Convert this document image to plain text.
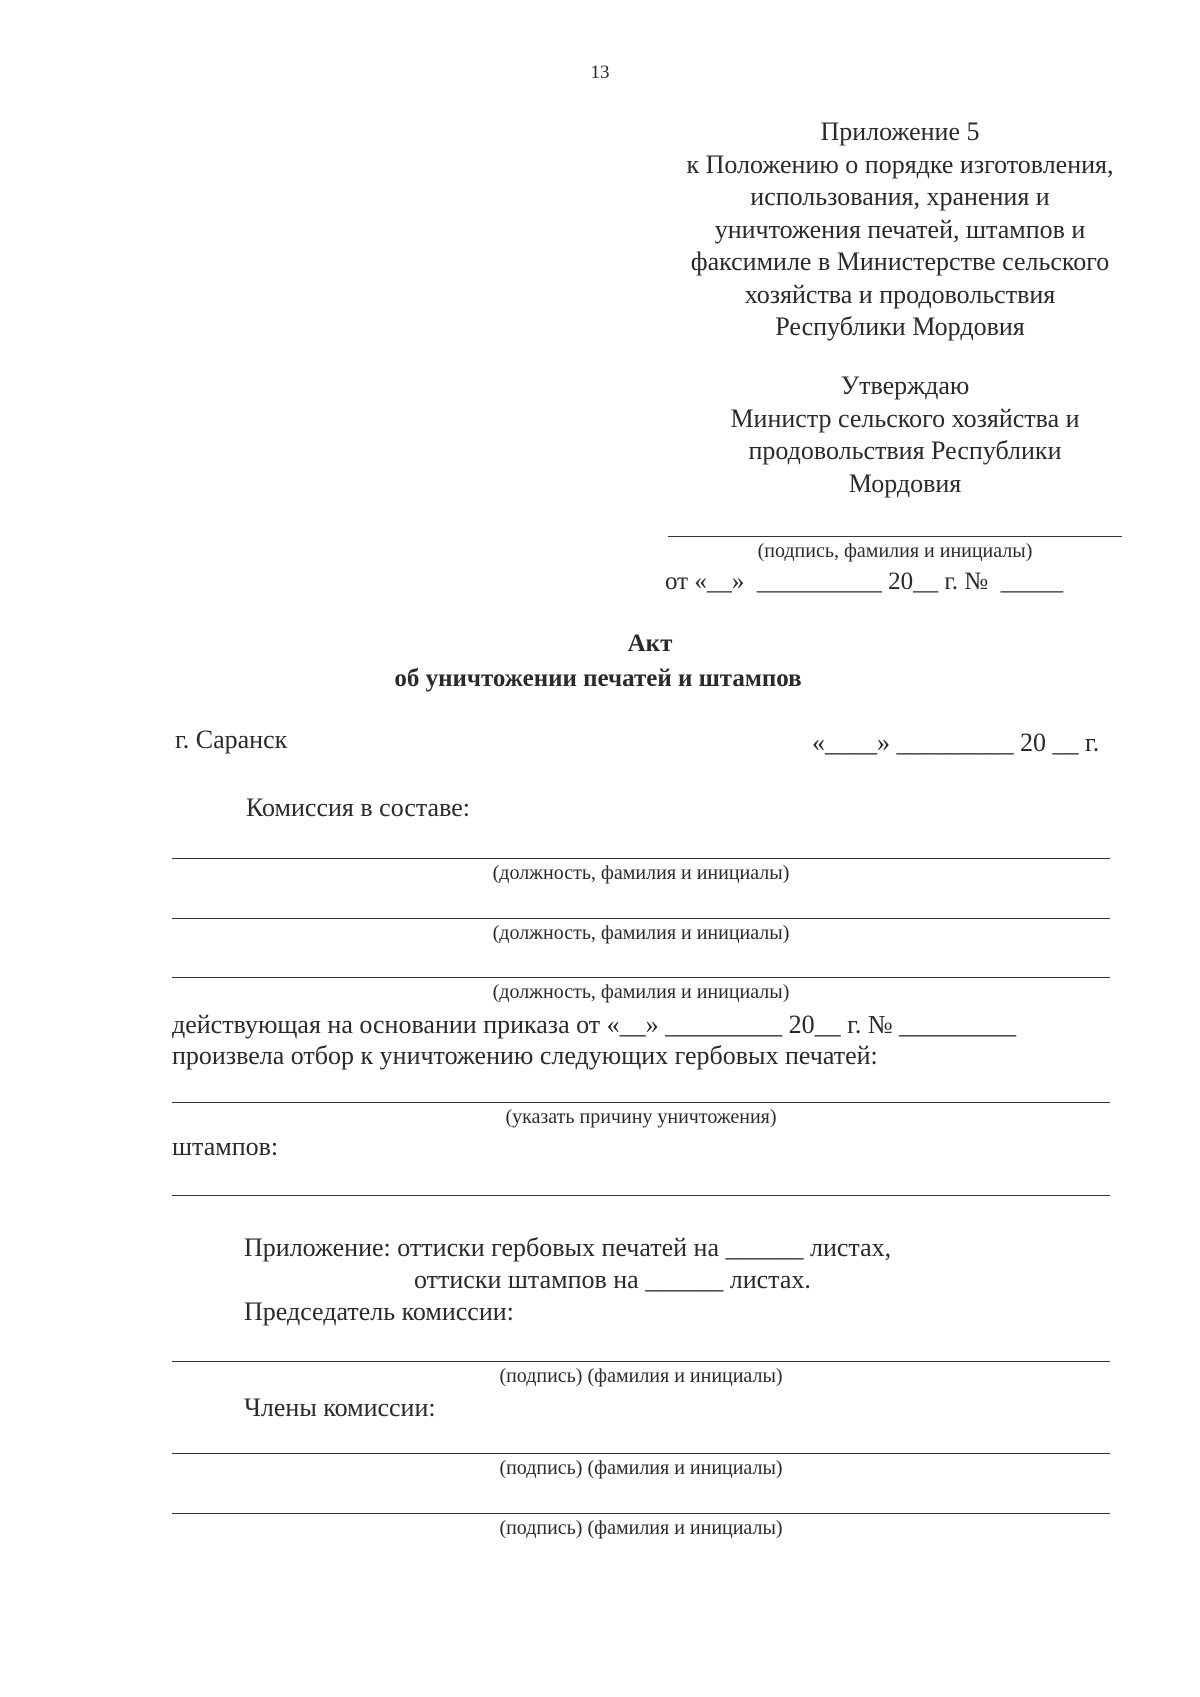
13
Приложение 5
к Положению о порядке изготовления,
использования, хранения и
уничтожения печатей, штампов и
факсимиле в Министерстве сельского
хозяйства и продовольствия
Республики Мордовия
Утверждаю
Министр сельского хозяйства и
продовольствия Республики
Мордовия
(подпись, фамилия и инициалы)
от «__»  __________ 20__ г. №  _____
Акт
об уничтожении печатей и штампов
г. Саранск	«____» _________ 20 __ г.
Комиссия в составе:
(должность, фамилия и инициалы)
(должность, фамилия и инициалы)
(должность, фамилия и инициалы)
действующая на основании приказа от «__» _________ 20__ г. № _________
произвела отбор к уничтожению следующих гербовых печатей:
(указать причину уничтожения)
штампов:
Приложение: оттиски гербовых печатей на ______ листах,
оттиски штампов на ______ листах.
Председатель комиссии:
(подпись) (фамилия и инициалы)
Члены комиссии:
(подпись) (фамилия и инициалы)
(подпись) (фамилия и инициалы)
